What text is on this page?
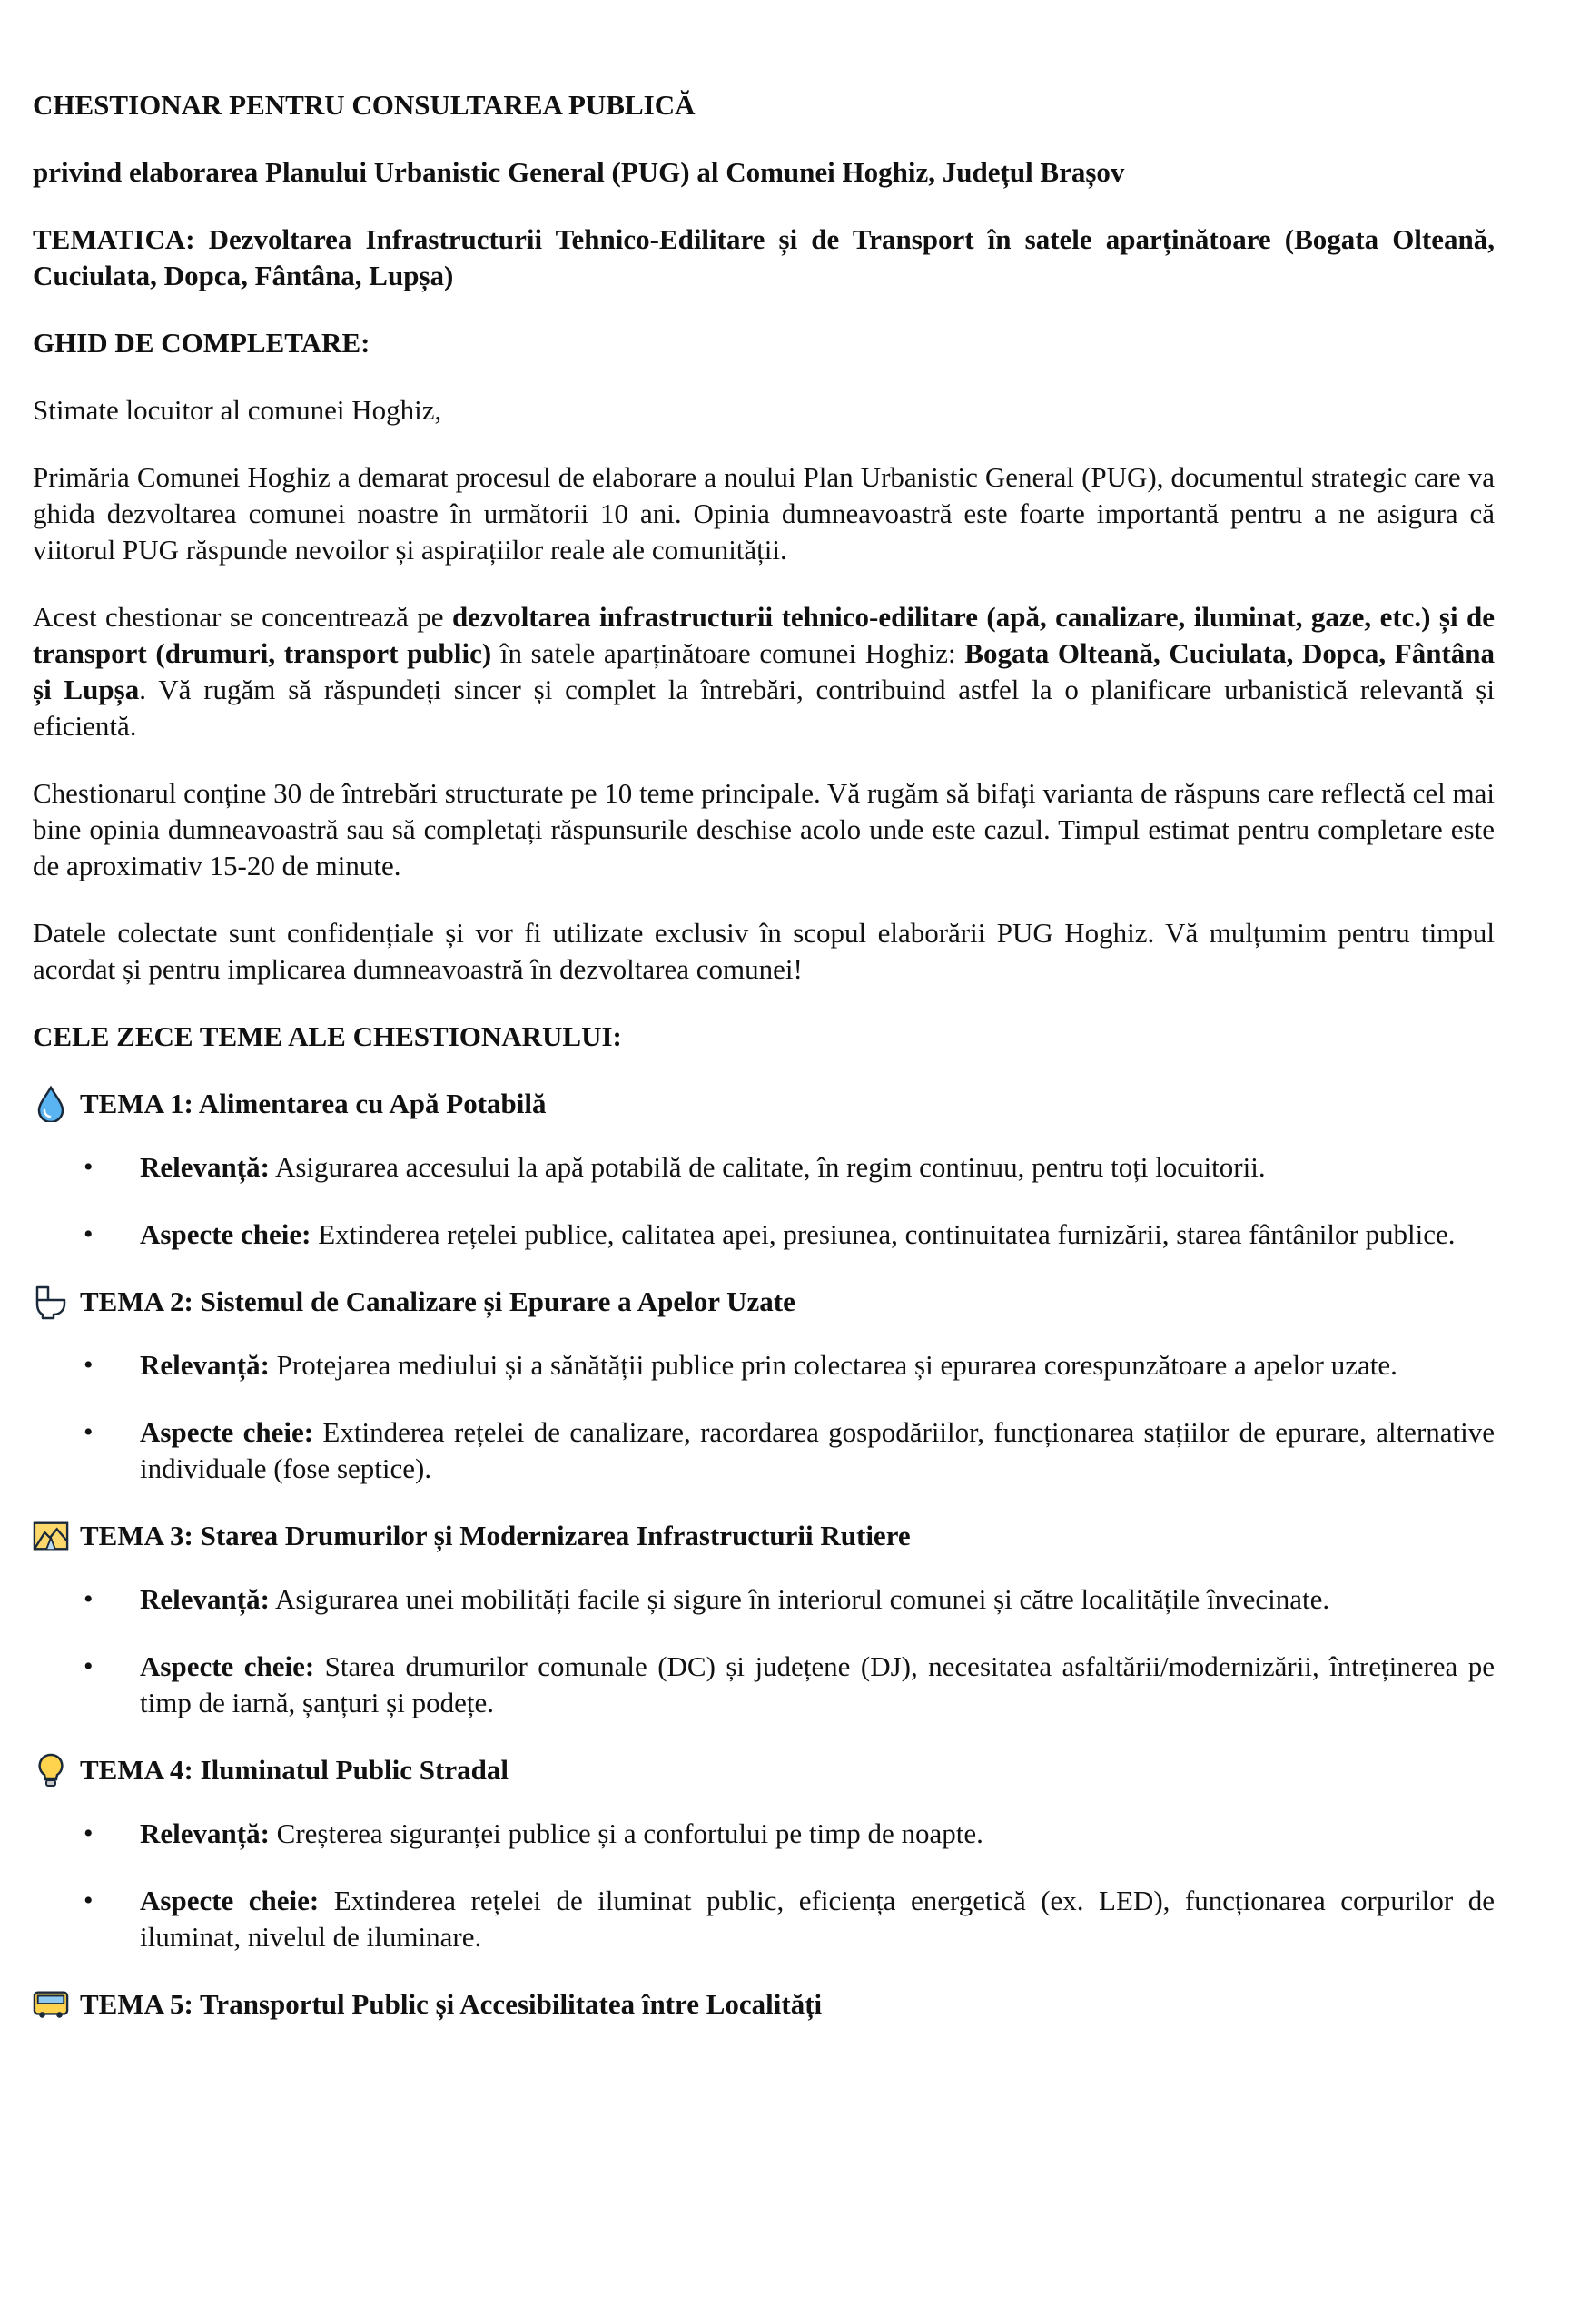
CHESTIONAR PENTRU CONSULTAREA PUBLICĂ
privind elaborarea Planului Urbanistic General (PUG) al Comunei Hoghiz, Județul Brașov
TEMATICA: Dezvoltarea Infrastructurii Tehnico-Edilitare și de Transport în satele aparținătoare (Bogata Olteană, Cuciulata, Dopca, Fântâna, Lupșa)
GHID DE COMPLETARE:

Stimate locuitor al comunei Hoghiz,

Primăria Comunei Hoghiz a demarat procesul de elaborare a noului Plan Urbanistic General (PUG), documentul strategic care va ghida dezvoltarea comunei noastre în următorii 10 ani. Opinia dumneavoastră este foarte importantă pentru a ne asigura că viitorul PUG răspunde nevoilor și aspirațiilor reale ale comunității.

Acest chestionar se concentrează pe dezvoltarea infrastructurii tehnico-edilitare (apă, canalizare, iluminat, gaze, etc.) și de transport (drumuri, transport public) în satele aparținătoare comunei Hoghiz: Bogata Olteană, Cuciulata, Dopca, Fântâna și Lupșa. Vă rugăm să răspundeți sincer și complet la întrebări, contribuind astfel la o planificare urbanistică relevantă și eficientă.

Chestionarul conține 30 de întrebări structurate pe 10 teme principale. Vă rugăm să bifați varianta de răspuns care reflectă cel mai bine opinia dumneavoastră sau să completați răspunsurile deschise acolo unde este cazul. Timpul estimat pentru completare este de aproximativ 15-20 de minute.

Datele colectate sunt confidențiale și vor fi utilizate exclusiv în scopul elaborării PUG Hoghiz. Vă mulțumim pentru timpul acordat și pentru implicarea dumneavoastră în dezvoltarea comunei!

CELE ZECE TEME ALE CHESTIONARULUI:
TEMA 1: Alimentarea cu Apă Potabilă
• Relevanță: Asigurarea accesului la apă potabilă de calitate, în regim continuu, pentru toți locuitorii.
• Aspecte cheie: Extinderea rețelei publice, calitatea apei, presiunea, continuitatea furnizării, starea fântânilor publice.
TEMA 2: Sistemul de Canalizare și Epurare a Apelor Uzate
• Relevanță: Protejarea mediului și a sănătății publice prin colectarea și epurarea corespunzătoare a apelor uzate.
• Aspecte cheie: Extinderea rețelei de canalizare, racordarea gospodăriilor, funcționarea stațiilor de epurare, alternative individuale (fose septice).
TEMA 3: Starea Drumurilor și Modernizarea Infrastructurii Rutiere
• Relevanță: Asigurarea unei mobilități facile și sigure în interiorul comunei și către localitățile învecinate.
• Aspecte cheie: Starea drumurilor comunale (DC) și județene (DJ), necesitatea asfaltării/modernizării, întreținerea pe timp de iarnă, șanțuri și podețe.
TEMA 4: Iluminatul Public Stradal
• Relevanță: Creșterea siguranței publice și a confortului pe timp de noapte.
• Aspecte cheie: Extinderea rețelei de iluminat public, eficiența energetică (ex. LED), funcționarea corpurilor de iluminat, nivelul de iluminare.
TEMA 5: Transportul Public și Accesibilitatea între Localități
